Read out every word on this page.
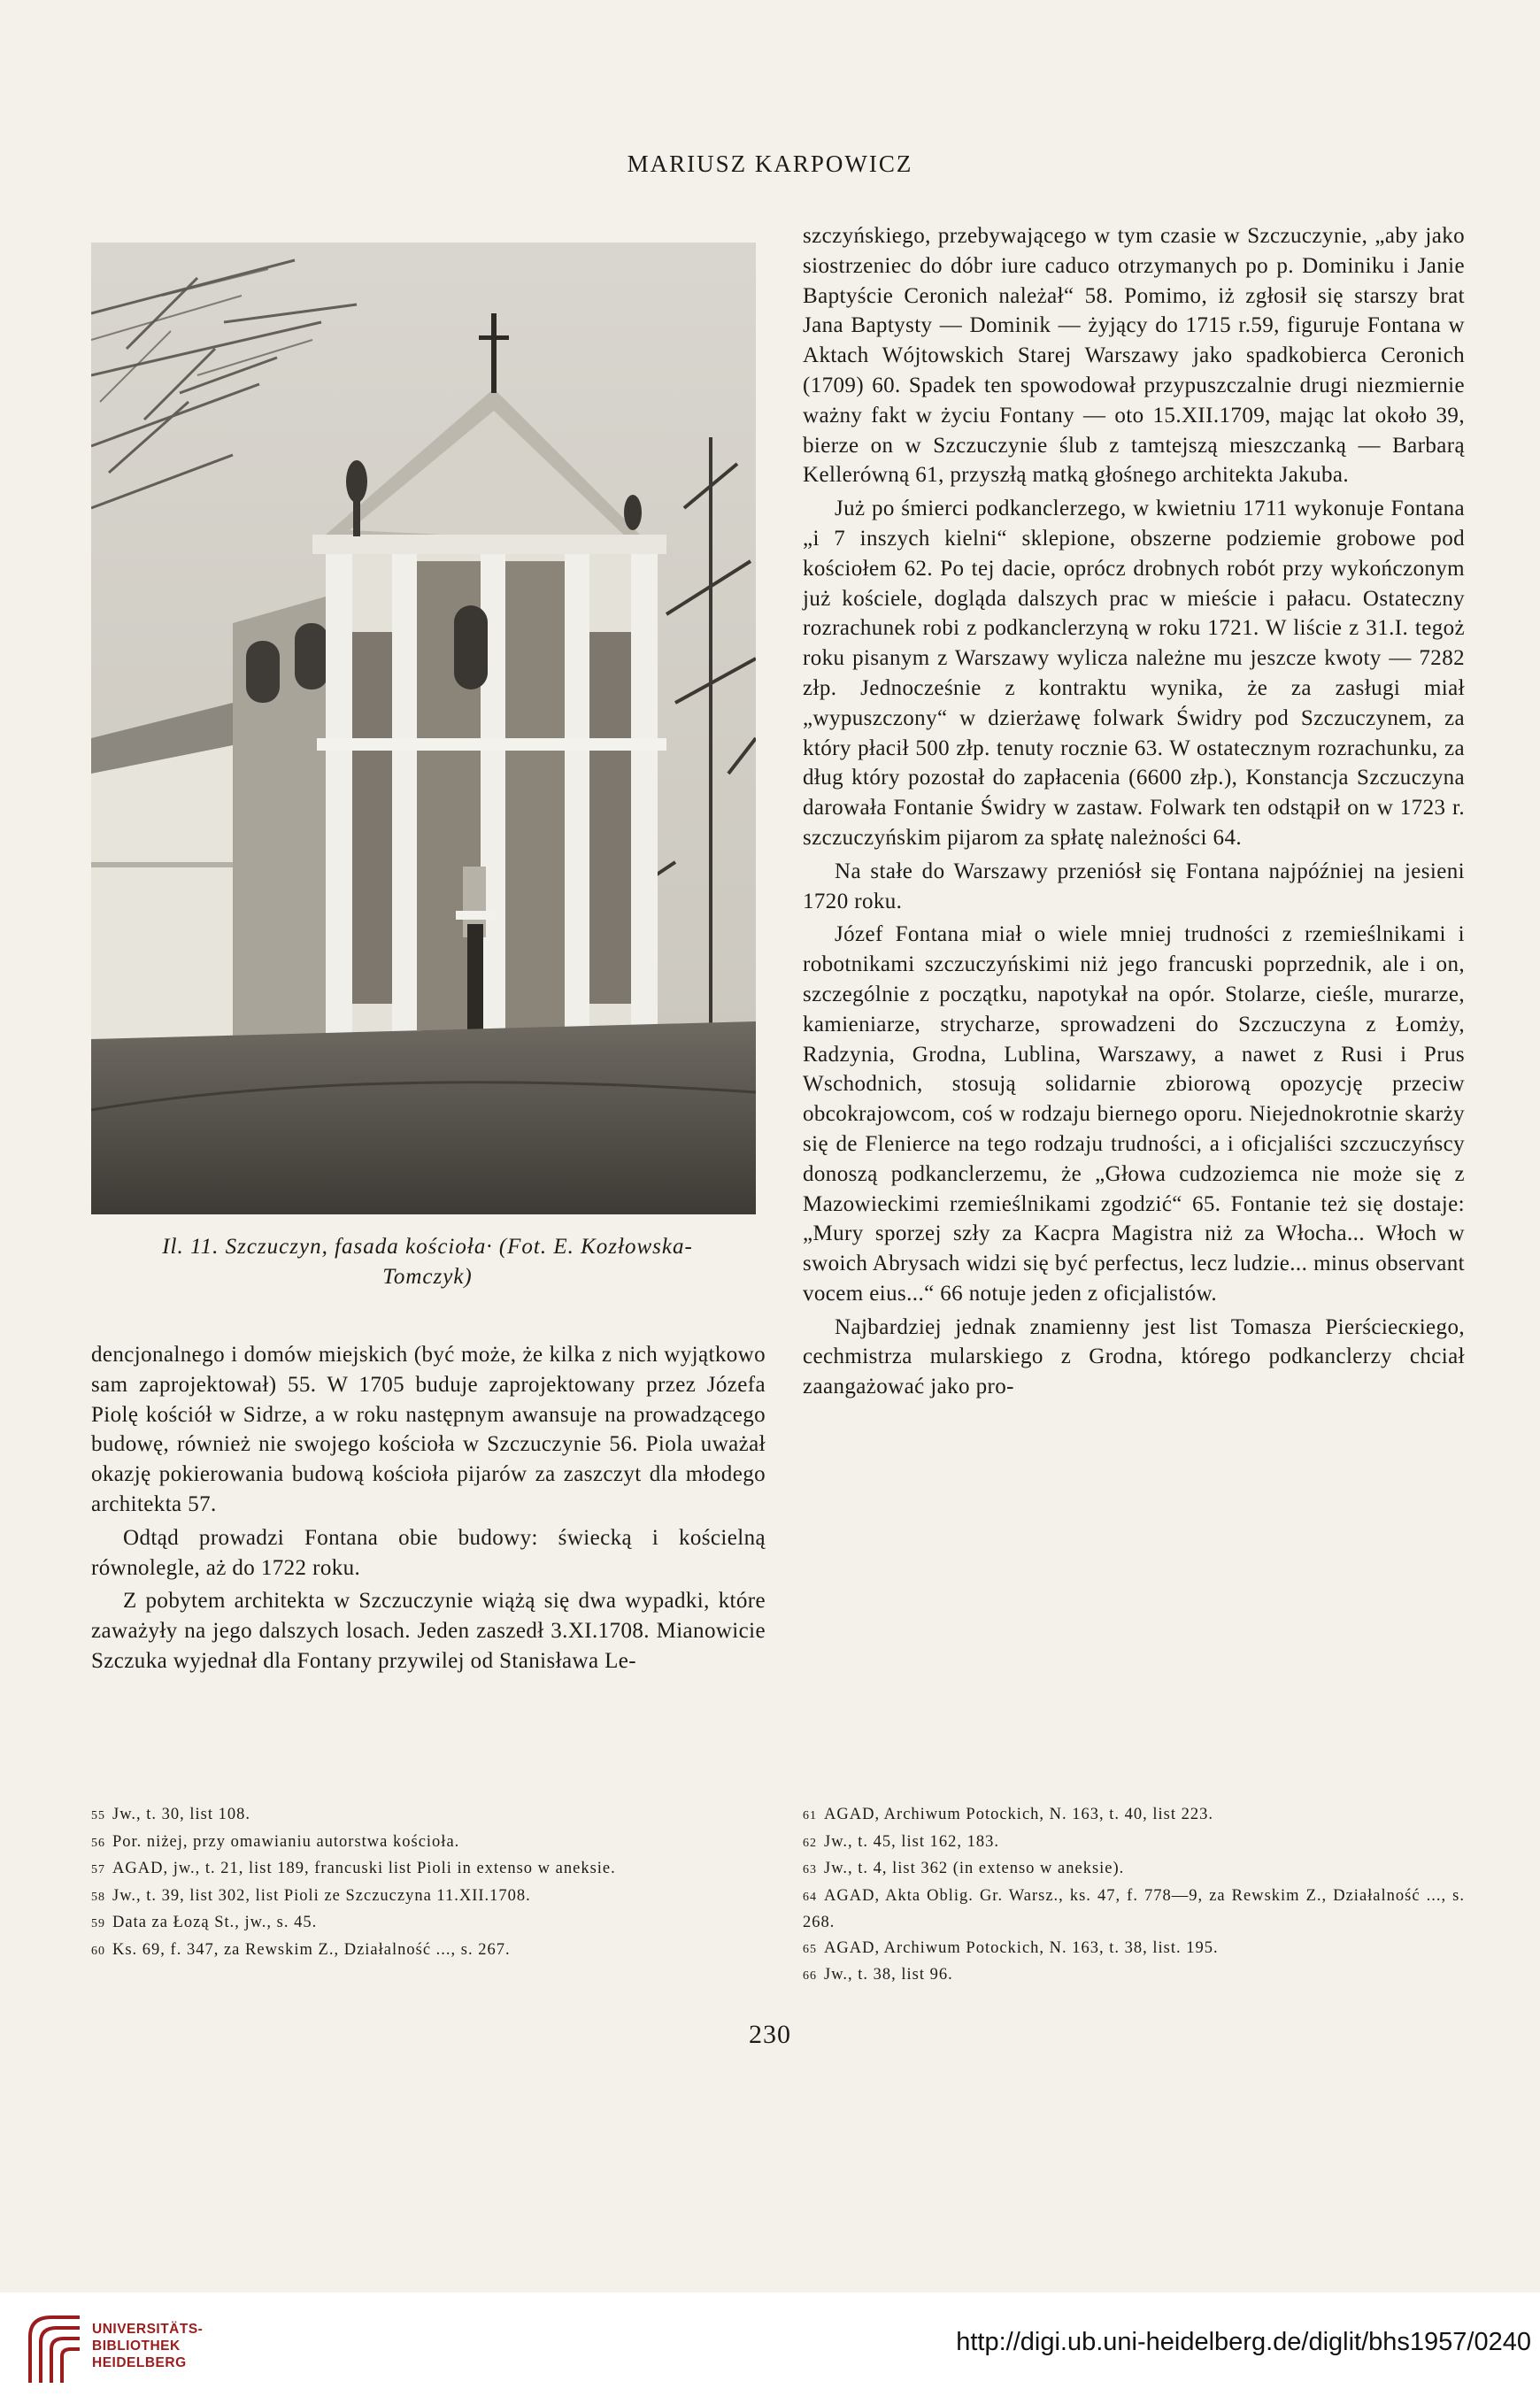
MARIUSZ KARPOWICZ
Il. 11. Szczuczyn, fasada kościoła· (Fot. E. Kozłowska-
Tomczyk)

szczyńskiego, przebywającego w tym czasie w Szczuczynie, „aby jako siostrzeniec do dóbr iure caduco otrzymanych po p. Dominiku i Janie Baptyście Ceronich należał“ 58. Pomimo, iż zgłosił się starszy brat Jana Baptysty — Dominik — żyjący do 1715 r.59, figuruje Fontana w Aktach Wójtowskich Starej Warszawy jako spadkobierca Ceronich (1709) 60. Spadek ten spowodował przypuszczalnie drugi niezmiernie ważny fakt w życiu Fontany — oto 15.XII.1709, mając lat około 39, bierze on w Szczuczynie ślub z tamtejszą mieszczanką — Barbarą Kellerówną 61, przyszłą matką głośnego architekta Jakuba.

Już po śmierci podkanclerzego, w kwietniu 1711 wykonuje Fontana „i 7 inszych kielni“ sklepione, obszerne podziemie grobowe pod kościołem 62. Po tej dacie, oprócz drobnych robót przy wykończonym już kościele, dogląda dalszych prac w mieście i pałacu. Ostateczny rozrachunek robi z podkanclerzyną w roku 1721. W liście z 31.I. tegoż roku pisanym z Warszawy wylicza należne mu jeszcze kwoty — 7282 złp. Jednocześnie z kontraktu wynika, że za zasługi miał „wypuszczony“ w dzierżawę folwark Świdry pod Szczuczynem, za który płacił 500 złp. tenuty rocznie 63. W ostatecznym rozrachunku, za dług który pozostał do zapłacenia (6600 złp.), Konstancja Szczuczyna darowała Fontanie Świdry w zastaw. Folwark ten odstąpił on w 1723 r. szczuczyńskim pijarom za spłatę należności 64.

Na stałe do Warszawy przeniósł się Fontana najpóźniej na jesieni 1720 roku.

Józef Fontana miał o wiele mniej trudności z rzemieślnikami i robotnikami szczuczyńskimi niż jego francuski poprzednik, ale i on, szczególnie z początku, napotykał na opór. Stolarze, cieśle, murarze, kamieniarze, strycharze, sprowadzeni do Szczuczyna z Łomży, Radzynia, Grodna, Lublina, Warszawy, a nawet z Rusi i Prus Wschodnich, stosują solidarnie zbiorową opozycję przeciw obcokrajowcom, coś w rodzaju biernego oporu. Niejednokrotnie skarży się de Flenierce na tego rodzaju trudności, a i oficjaliści szczuczyńscy donoszą podkanclerzemu, że „Głowa cudzoziemca nie może się z Mazowieckimi rzemieślnikami zgodzić“ 65. Fontanie też się dostaje: „Mury sporzej szły za Kacpra Magistra niż za Włocha... Włoch w swoich Abrysach widzi się być perfectus, lecz ludzie... minus observant vocem eius...“ 66 notuje jeden z oficjalistów.

Najbardziej jednak znamienny jest list Tomasza Pierściecкiego, cechmistrza mularskiego z Grodna, którego podkanclerzy chciał zaangażować jako pro-

dencjonalnego i domów miejskich (być może, że kilka z nich wyjątkowo sam zaprojektował) 55. W 1705 buduje zaprojektowany przez Józefa Piolę kościół w Sidrze, a w roku następnym awansuje na prowadzącego budowę, również nie swojego kościoła w Szczuczynie 56. Piola uważał okazję pokierowania budową kościoła pijarów za zaszczyt dla młodego architekta 57.

Odtąd prowadzi Fontana obie budowy: świecką i kościelną równolegle, aż do 1722 roku.

Z pobytem architekta w Szczuczynie wiążą się dwa wypadki, które zaważyły na jego dalszych losach. Jeden zaszedł 3.XI.1708. Mianowicie Szczuka wyjednał dla Fontany przywilej od Stanisława Le-

55 Jw., t. 30, list 108.
56 Por. niżej, przy omawianiu autorstwa kościoła.
57 AGAD, jw., t. 21, list 189, francuski list Pioli in extenso w aneksie.
58 Jw., t. 39, list 302, list Pioli ze Szczuczyna 11.XII.1708.
59 Data za Łozą St., jw., s. 45.
60 Ks. 69, f. 347, za Rewskim Z., Działalność ..., s. 267.
61 AGAD, Archiwum Potockich, N. 163, t. 40, list 223.
62 Jw., t. 45, list 162, 183.
63 Jw., t. 4, list 362 (in extenso w aneksie).
64 AGAD, Akta Oblig. Gr. Warsz., ks. 47, f. 778—9, za Rewskim Z., Działalność ..., s. 268.
65 AGAD, Archiwum Potockich, N. 163, t. 38, list. 195.
66 Jw., t. 38, list 96.
230
UNIVERSITÄTS-
BIBLIOTHEK
HEIDELBERG
http://digi.ub.uni-heidelberg.de/diglit/bhs1957/0240
